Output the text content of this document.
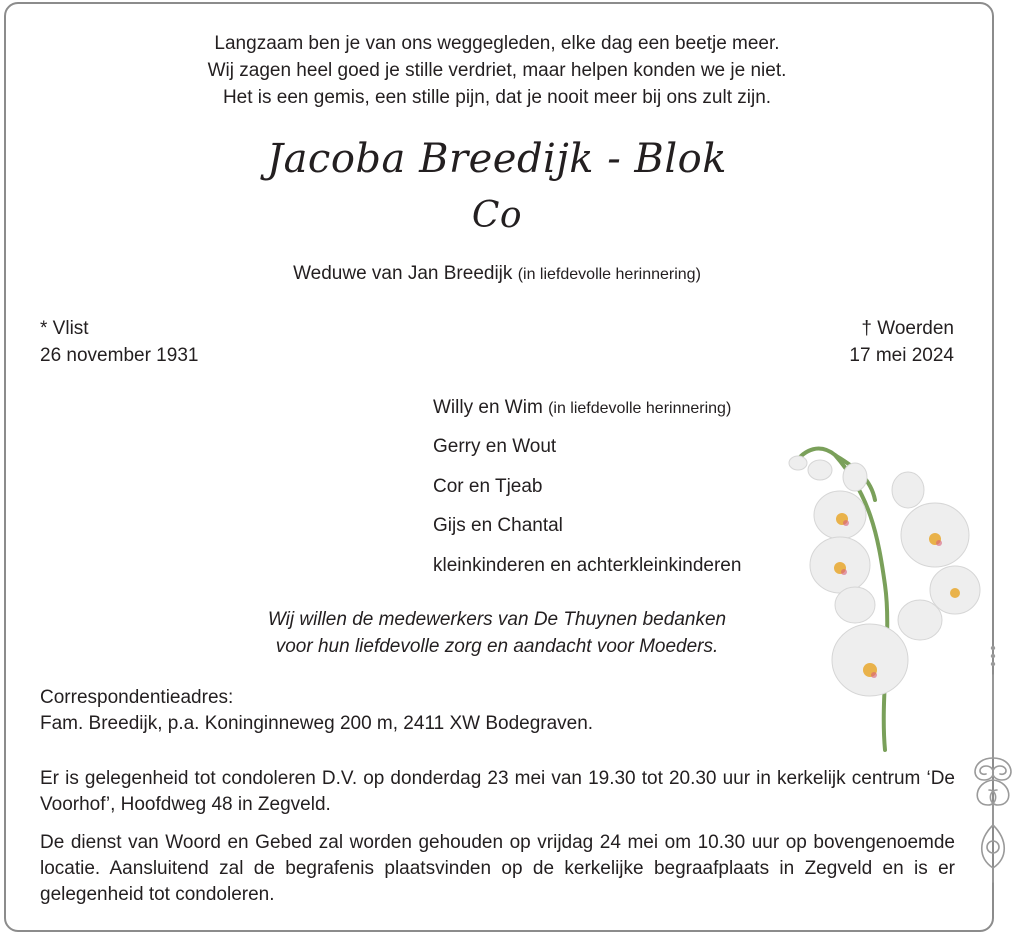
Langzaam ben je van ons weggegleden, elke dag een beetje meer.
Wij zagen heel goed je stille verdriet, maar helpen konden we je niet.
Het is een gemis, een stille pijn, dat je nooit meer bij ons zult zijn.
Jacoba Breedijk - Blok
Co
Weduwe van Jan Breedijk (in liefdevolle herinnering)
* Vlist
26 november 1931
† Woerden
17 mei 2024
Willy en Wim (in liefdevolle herinnering)
Gerry en Wout
Cor en Tjeab
Gijs en Chantal
kleinkinderen en achterkleinkinderen
Wij willen de medewerkers van De Thuynen bedanken
voor hun liefdevolle zorg en aandacht voor Moeders.
Correspondentieadres:
Fam. Breedijk, p.a. Koninginneweg 200 m, 2411 XW Bodegraven.
Er is gelegenheid tot condoleren D.V. op donderdag 23 mei van 19.30 tot 20.30 uur in kerkelijk centrum ‘De Voorhof’, Hoofdweg 48 in Zegveld.
De dienst van Woord en Gebed zal worden gehouden op vrijdag 24 mei om 10.30 uur op bovengenoemde locatie. Aansluitend zal de begrafenis plaatsvinden op de kerkelijke begraafplaats in Zegveld en is er gelegenheid tot condoleren.
